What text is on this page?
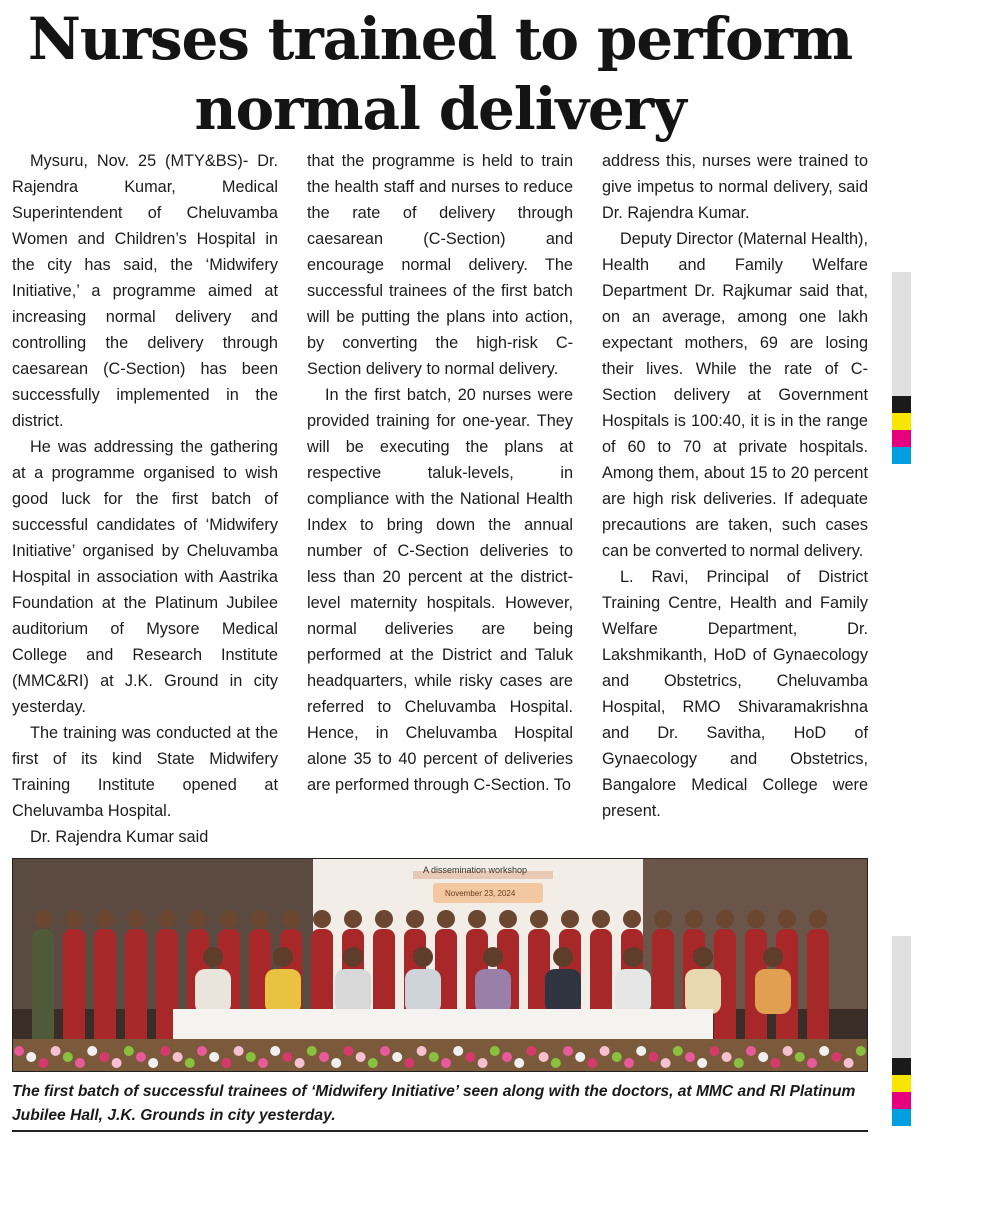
Nurses trained to perform
normal delivery

Mysuru, Nov. 25 (MTY&BS)- Dr. Rajendra Kumar, Medical Superintendent of Cheluvamba Women and Children’s Hospital in the city has said, the ‘Midwifery Initiative,’ a programme aimed at increasing normal delivery and controlling the delivery through caesarean (C-Section) has been successfully implemented in the district.

He was addressing the gathering at a programme organised to wish good luck for the first batch of successful candidates of ‘Midwifery Initiative’ organised by Cheluvamba Hospital in association with Aastrika Foundation at the Platinum Jubilee auditorium of Mysore Medical College and Research Institute (MMC&RI) at J.K. Ground in city yesterday.

The training was conducted at the first of its kind State Midwifery Training Institute opened at Cheluvamba Hospital.

Dr. Rajendra Kumar said

that the programme is held to train the health staff and nurses to reduce the rate of delivery through caesarean (C-Section) and encourage normal delivery. The successful trainees of the first batch will be putting the plans into action, by converting the high-risk C-Section delivery to normal delivery.

In the first batch, 20 nurses were provided training for one-year. They will be executing the plans at respective taluk-levels, in compliance with the National Health Index to bring down the annual number of C-Section deliveries to less than 20 percent at the district-level maternity hospitals. However, normal deliveries are being performed at the District and Taluk headquarters, while risky cases are referred to Cheluvamba Hospital. Hence, in Cheluvamba Hospital alone 35 to 40 percent of deliveries are performed through C-Section. To

address this, nurses were trained to give impetus to normal delivery, said Dr. Rajendra Kumar.

Deputy Director (Maternal Health), Health and Family Welfare Department Dr. Rajkumar said that, on an average, among one lakh expectant mothers, 69 are losing their lives. While the rate of C-Section delivery at Government Hospitals is 100:40, it is in the range of 60 to 70 at private hospitals. Among them, about 15 to 20 percent are high risk deliveries. If adequate precautions are taken, such cases can be converted to normal delivery.

L. Ravi, Principal of District Training Centre, Health and Family Welfare Department, Dr. Lakshmikanth, HoD of Gynaecology and Obstetrics, Cheluvamba Hospital, RMO Shivaramakrishna and Dr. Savitha, HoD of Gynaecology and Obstetrics, Bangalore Medical College were present.

A dissemination workshop
November 23, 2024
The first batch of successful trainees of ‘Midwifery Initiative’ seen along with the doctors, at MMC and RI Platinum Jubilee Hall, J.K. Grounds in city yesterday.
